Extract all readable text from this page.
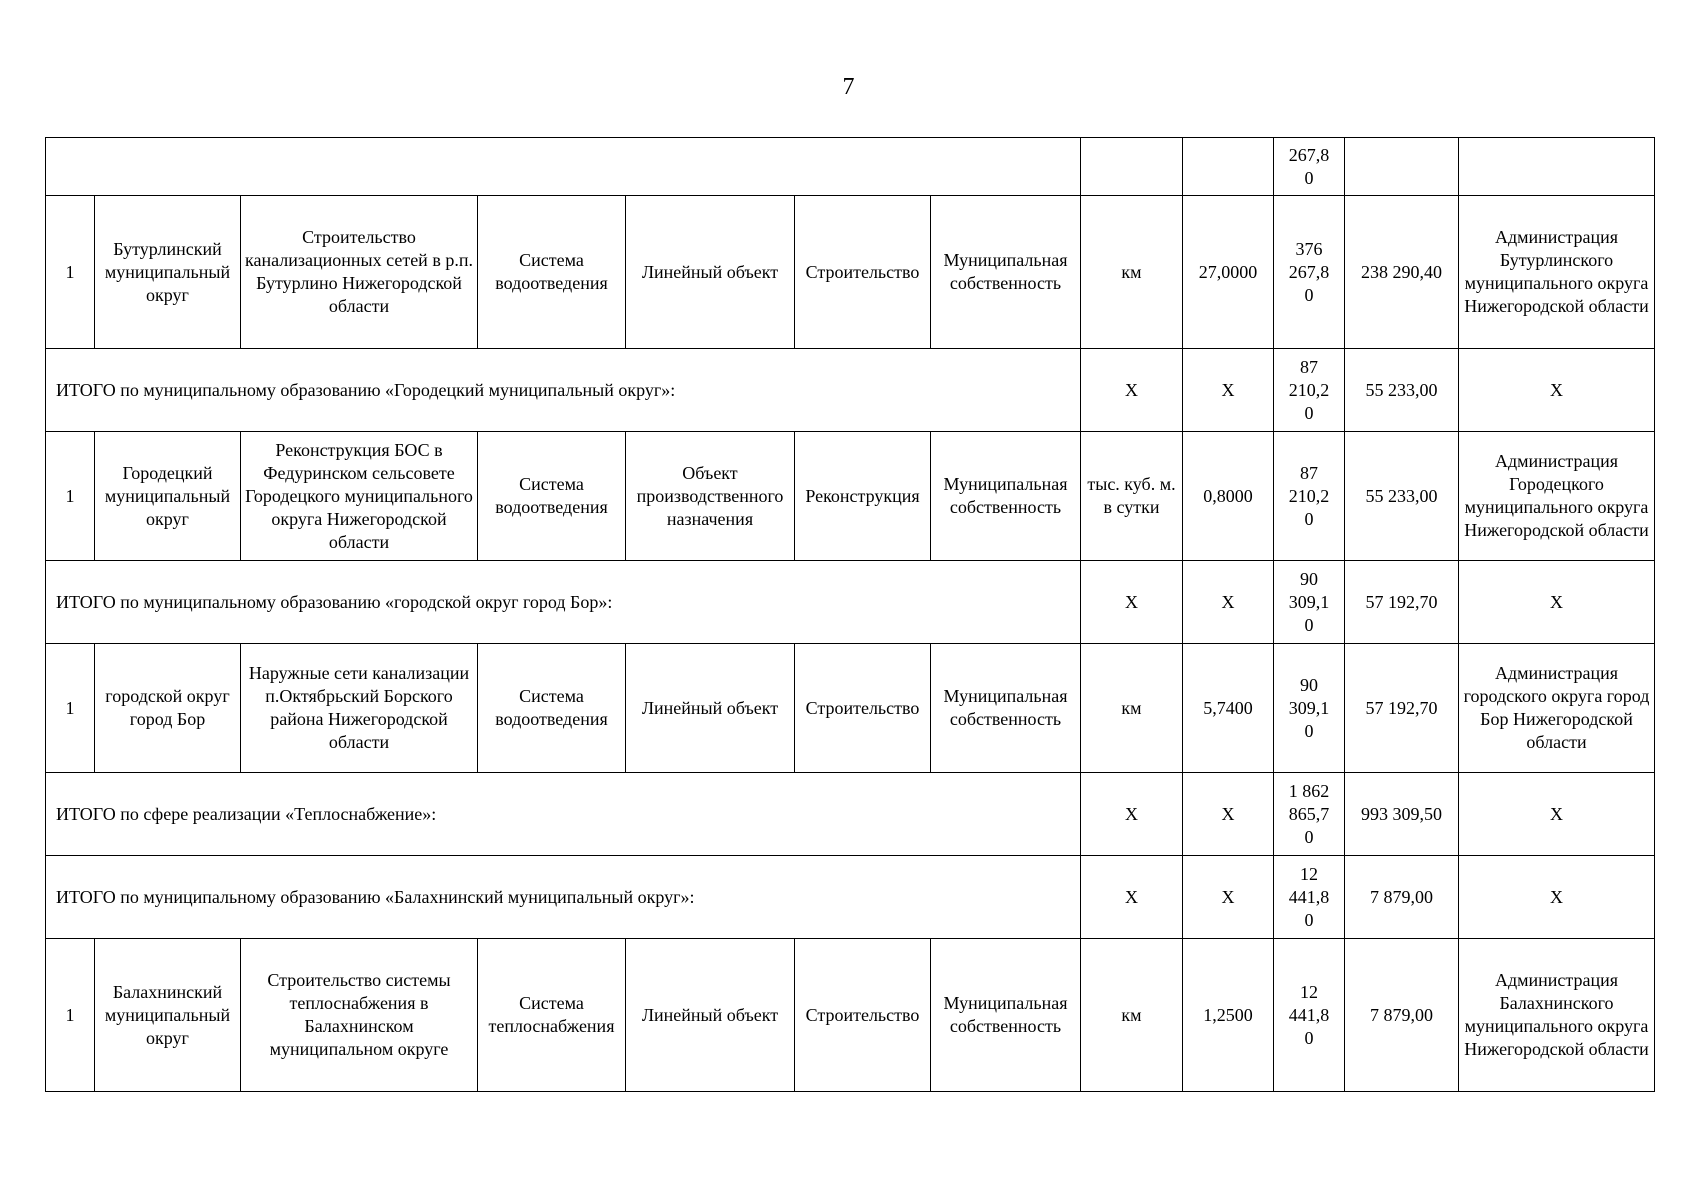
7
									267,8
0		
1	Бутурлинский муниципальный округ	Строительство канализационных сетей в р.п. Бутурлино Нижегородской области	Система водоотведения	Линейный объект	Строительство	Муниципальная собственность	км	27,0000	376
267,8
0	238 290,40	Администрация Бутурлинского муниципального округа Нижегородской области
ИТОГО по муниципальному образованию «Городецкий муниципальный округ»:							Х	Х	87
210,2
0	55 233,00	Х
1	Городецкий муниципальный округ	Реконструкция БОС в Федуринском сельсовете Городецкого муниципального округа Нижегородской области	Система водоотведения	Объект производственного назначения	Реконструкция	Муниципальная собственность	тыс. куб. м. в сутки	0,8000	87
210,2
0	55 233,00	Администрация Городецкого муниципального округа Нижегородской области
ИТОГО по муниципальному образованию «городской округ город Бор»:							Х	Х	90
309,1
0	57 192,70	Х
1	городской округ город Бор	Наружные сети канализации п.Октябрьский Борского района Нижегородской области	Система водоотведения	Линейный объект	Строительство	Муниципальная собственность	км	5,7400	90
309,1
0	57 192,70	Администрация городского округа город Бор Нижегородской области
ИТОГО по сфере реализации «Теплоснабжение»:							Х	Х	1 862
865,7
0	993 309,50	Х
ИТОГО по муниципальному образованию «Балахнинский муниципальный округ»:							Х	Х	12
441,8
0	7 879,00	Х
1	Балахнинский муниципальный округ	Строительство системы теплоснабжения в Балахнинском муниципальном округе	Система теплоснабжения	Линейный объект	Строительство	Муниципальная собственность	км	1,2500	12
441,8
0	7 879,00	Администрация Балахнинского муниципального округа Нижегородской области
